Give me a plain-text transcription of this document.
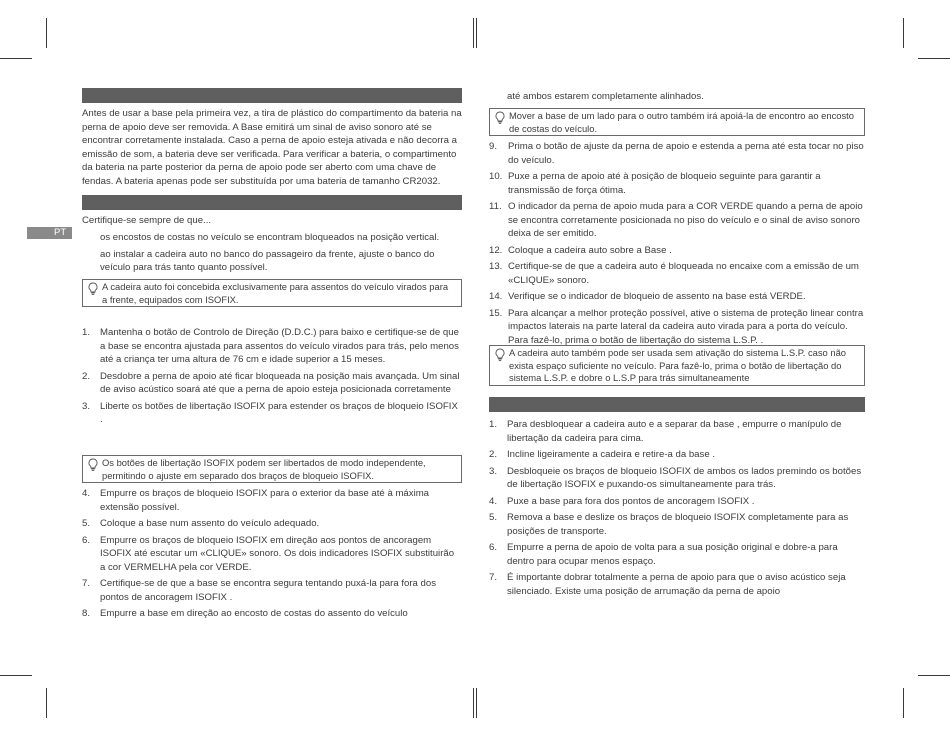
PT

Antes de usar a base pela primeira vez, a tira de plástico do compartimento da bateria na perna de apoio deve ser removida. A Base emitirá um sinal de aviso sonoro até se encontrar corretamente instalada. Caso a perna de apoio esteja ativada e não decorra a emissão de som, a bateria deve ser verificada. Para verificar a bateria, o compartimento da bateria na parte posterior da perna de apoio pode ser aberto com uma chave de fendas. A bateria apenas pode ser substituída por uma bateria de tamanho CR2032.

Certifique-se sempre de que...

os encostos de costas no veículo se encontram bloqueados na posição vertical.
ao instalar a cadeira auto no banco do passageiro da frente, ajuste o banco do veículo para trás tanto quanto possível.
A cadeira auto foi concebida exclusivamente para assentos do veículo virados para a frente, equipados com ISOFIX.
1. Mantenha o botão de Controlo de Direção (D.D.C.) para baixo e certifique-se de que a base se encontra ajustada para assentos do veículo virados para trás, pelo menos até a criança ter uma altura de 76 cm e idade superior a 15 meses.
2. Desdobre a perna de apoio até ficar bloqueada na posição mais avançada. Um sinal de aviso acústico soará até que a perna de apoio esteja posicionada corretamente
3. Liberte os botões de libertação ISOFIX para estender os braços de bloqueio ISOFIX .
Os botões de libertação ISOFIX podem ser libertados de modo independente, permitindo o ajuste em separado dos braços de bloqueio ISOFIX.
4. Empurre os braços de bloqueio ISOFIX para o exterior da base até à máxima extensão possível.
5. Coloque a base num assento do veículo adequado.
6. Empurre os braços de bloqueio ISOFIX em direção aos pontos de ancoragem ISOFIX até escutar um «CLIQUE» sonoro. Os dois indicadores ISOFIX substituirão a cor VERMELHA pela cor VERDE.
7. Certifique-se de que a base se encontra segura tentando puxá-la para fora dos pontos de ancoragem ISOFIX .
8. Empurre a base em direção ao encosto de costas do assento do veículo

até ambos estarem completamente alinhados.

Mover a base de um lado para o outro também irá apoiá-la de encontro ao encosto de costas do veículo.
9. Prima o botão de ajuste da perna de apoio e estenda a perna até esta tocar no piso do veículo.
10. Puxe a perna de apoio até à posição de bloqueio seguinte para garantir a transmissão de força ótima.
11. O indicador da perna de apoio muda para a COR VERDE quando a perna de apoio se encontra corretamente posicionada no piso do veículo e o sinal de aviso sonoro deixa de ser emitido.
12. Coloque a cadeira auto sobre a Base .
13. Certifique-se de que a cadeira auto é bloqueada no encaixe com a emissão de um «CLIQUE» sonoro.
14. Verifique se o indicador de bloqueio de assento na base está VERDE.
15. Para alcançar a melhor proteção possível, ative o sistema de proteção linear contra impactos laterais na parte lateral da cadeira auto virada para a porta do veículo. Para fazê-lo, prima o botão de libertação do sistema L.S.P. .
A cadeira auto também pode ser usada sem ativação do sistema L.S.P. caso não exista espaço suficiente no veículo. Para fazê-lo, prima o botão de libertação do sistema L.S.P. e dobre o L.S.P para trás simultaneamente
1. Para desbloquear a cadeira auto e a separar da base , empurre o manípulo de libertação da cadeira para cima.
2. Incline ligeiramente a cadeira e retire-a da base .
3. Desbloqueie os braços de bloqueio ISOFIX de ambos os lados premindo os botões de libertação ISOFIX e puxando-os simultaneamente para trás.
4. Puxe a base para fora dos pontos de ancoragem ISOFIX .
5. Remova a base e deslize os braços de bloqueio ISOFIX completamente para as posições de transporte.
6. Empurre a perna de apoio de volta para a sua posição original e dobre-a para dentro para ocupar menos espaço.
7. É importante dobrar totalmente a perna de apoio para que o aviso acústico seja silenciado. Existe uma posição de arrumação da perna de apoio
